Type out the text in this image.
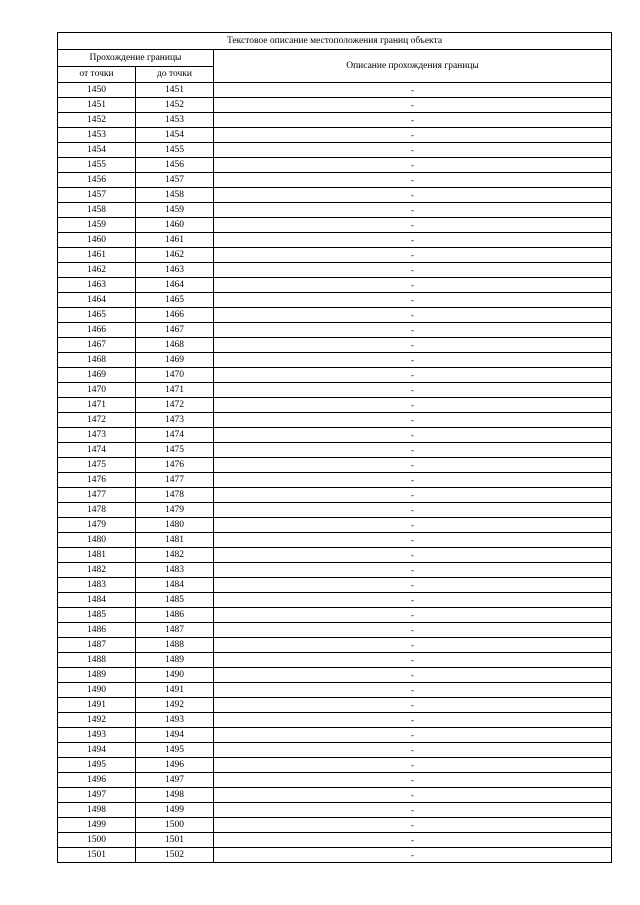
Текстовое описание местоположения границ объекта		
Прохождение границы		Описание прохождения границы
от точки	до точки	
1450	1451	-
1451	1452	-
1452	1453	-
1453	1454	-
1454	1455	-
1455	1456	-
1456	1457	-
1457	1458	-
1458	1459	-
1459	1460	-
1460	1461	-
1461	1462	-
1462	1463	-
1463	1464	-
1464	1465	-
1465	1466	-
1466	1467	-
1467	1468	-
1468	1469	-
1469	1470	-
1470	1471	-
1471	1472	-
1472	1473	-
1473	1474	-
1474	1475	-
1475	1476	-
1476	1477	-
1477	1478	-
1478	1479	-
1479	1480	-
1480	1481	-
1481	1482	-
1482	1483	-
1483	1484	-
1484	1485	-
1485	1486	-
1486	1487	-
1487	1488	-
1488	1489	-
1489	1490	-
1490	1491	-
1491	1492	-
1492	1493	-
1493	1494	-
1494	1495	-
1495	1496	-
1496	1497	-
1497	1498	-
1498	1499	-
1499	1500	-
1500	1501	-
1501	1502	-
